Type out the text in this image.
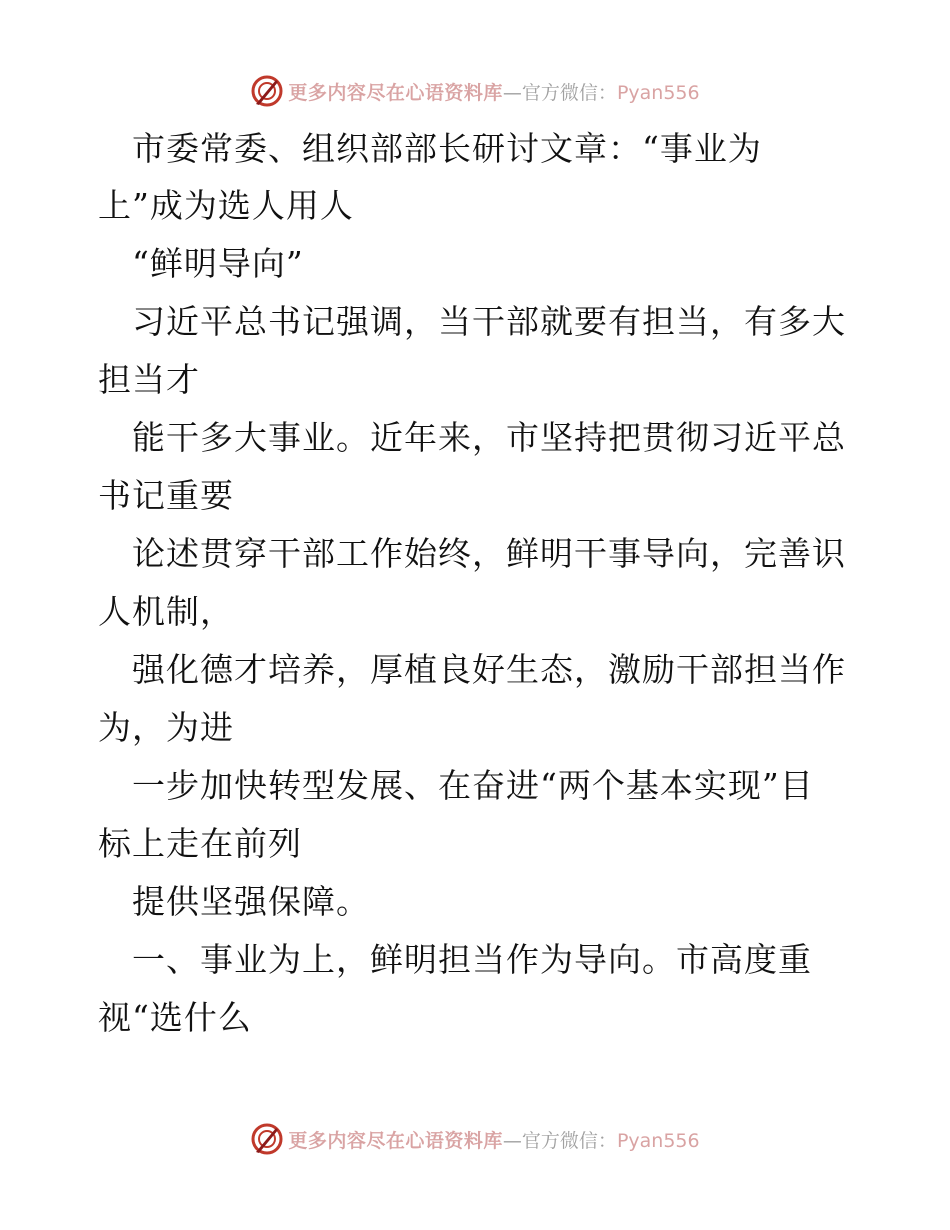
更多内容尽在心语资料库—官方微信：Pyan556
　市委常委、组织部部长研讨文章：“事业为
上”成为选人用人
　“鲜明导向”
　习近平总书记强调，当干部就要有担当，有多大
担当才
　能干多大事业。近年来，市坚持把贯彻习近平总
书记重要
　论述贯穿干部工作始终，鲜明干事导向，完善识
人机制，
　强化德才培养，厚植良好生态，激励干部担当作
为，为进
　一步加快转型发展、在奋进“两个基本实现”目
标上走在前列
　提供坚强保障。
　一、事业为上，鲜明担当作为导向。市高度重
视“选什么
更多内容尽在心语资料库—官方微信：Pyan556
